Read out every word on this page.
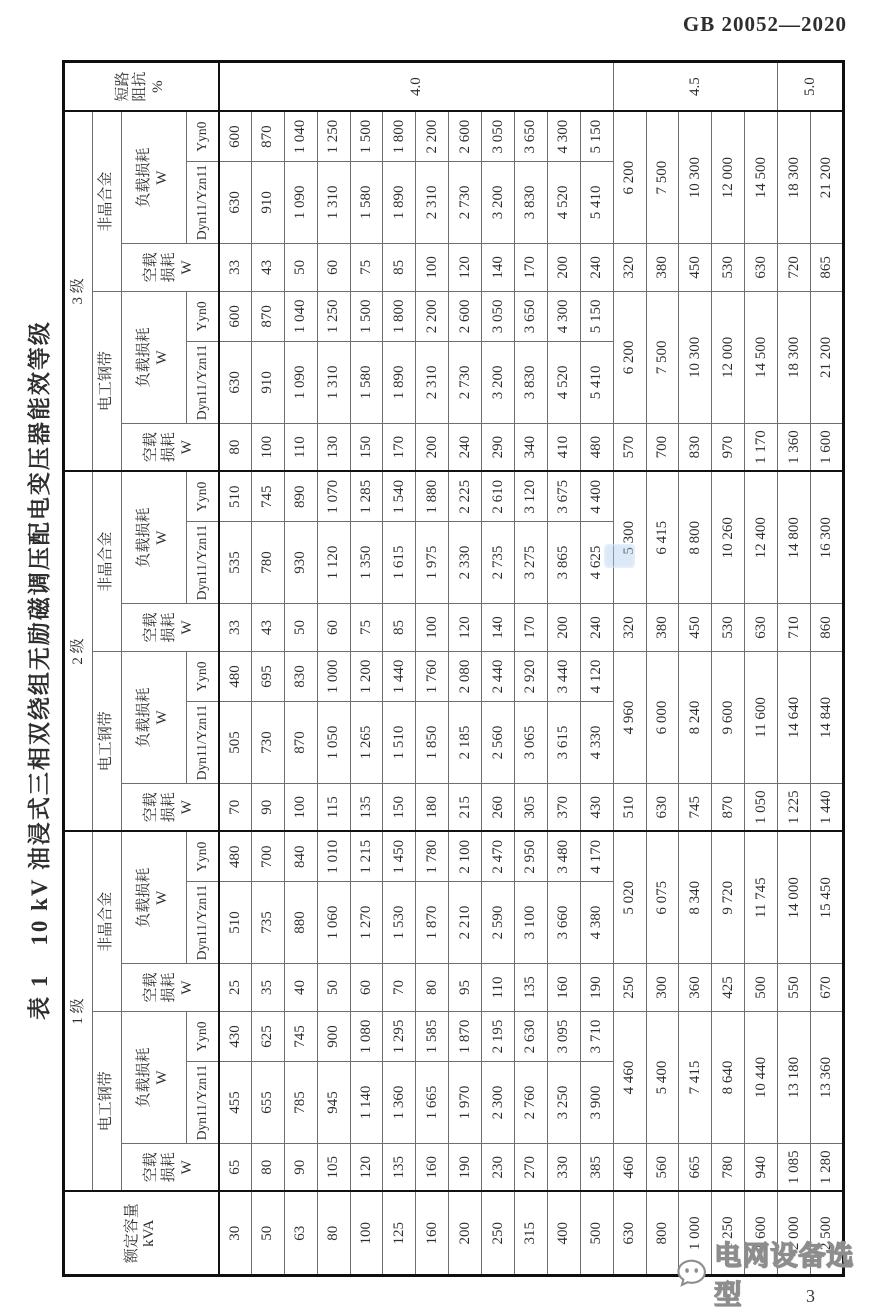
GB 20052—2020
表 1
10 kV 油浸式三相双绕组无励磁调压配电变压器能效等级
额定容量 kVA	1 级						2 级						3 级						短路 阻抗 %

	电工钢带			非晶合金			电工钢带			非晶合金			电工钢带			非晶合金			

	空载 损耗 W	负载损耗 W		空载 损耗 W	负载损耗 W		空载 损耗 W	负载损耗 W		空载 损耗 W	负载损耗 W		空载 损耗 W	负载损耗 W		空载 损耗 W	负载损耗 W		

		Dyn11/Yzn11	Yyn0		Dyn11/Yzn11	Yyn0		Dyn11/Yzn11	Yyn0		Dyn11/Yzn11	Yyn0		Dyn11/Yzn11	Yyn0		Dyn11/Yzn11	Yyn0	
30	65	455	430	25	510	480	70	505	480	33	535	510	80	630	600	33	630	600	4.0
50	80	655	625	35	735	700	90	730	695	43	780	745	100	910	870	43	910	870	
63	90	785	745	40	880	840	100	870	830	50	930	890	110	1 090	1 040	50	1 090	1 040	
80	105	945	900	50	1 060	1 010	115	1 050	1 000	60	1 120	1 070	130	1 310	1 250	60	1 310	1 250	
100	120	1 140	1 080	60	1 270	1 215	135	1 265	1 200	75	1 350	1 285	150	1 580	1 500	75	1 580	1 500	
125	135	1 360	1 295	70	1 530	1 450	150	1 510	1 440	85	1 615	1 540	170	1 890	1 800	85	1 890	1 800	
160	160	1 665	1 585	80	1 870	1 780	180	1 850	1 760	100	1 975	1 880	200	2 310	2 200	100	2 310	2 200	
200	190	1 970	1 870	95	2 210	2 100	215	2 185	2 080	120	2 330	2 225	240	2 730	2 600	120	2 730	2 600	
250	230	2 300	2 195	110	2 590	2 470	260	2 560	2 440	140	2 735	2 610	290	3 200	3 050	140	3 200	3 050	
315	270	2 760	2 630	135	3 100	2 950	305	3 065	2 920	170	3 275	3 120	340	3 830	3 650	170	3 830	3 650	
400	330	3 250	3 095	160	3 660	3 480	370	3 615	3 440	200	3 865	3 675	410	4 520	4 300	200	4 520	4 300	
500	385	3 900	3 710	190	4 380	4 170	430	4 330	4 120	240	4 625	4 400	480	5 410	5 150	240	5 410	5 150	
630	460	4 460		250	5 020		510	4 960		320	5 300		570	6 200		320	6 200		4.5
800	560	5 400		300	6 075		630	6 000		380	6 415		700	7 500		380	7 500		
1 000	665	7 415		360	8 340		745	8 240		450	8 800		830	10 300		450	10 300		
1 250	780	8 640		425	9 720		870	9 600		530	10 260		970	12 000		530	12 000		
1 600	940	10 440		500	11 745		1 050	11 600		630	12 400		1 170	14 500		630	14 500		
2 000	1 085	13 180		550	14 000		1 225	14 640		710	14 800		1 360	18 300		720	18 300		5.0
2 500	1 280	13 360		670	15 450		1 440	14 840		860	16 300		1 600	21 200		865	21 200		
电网设备选型	3
